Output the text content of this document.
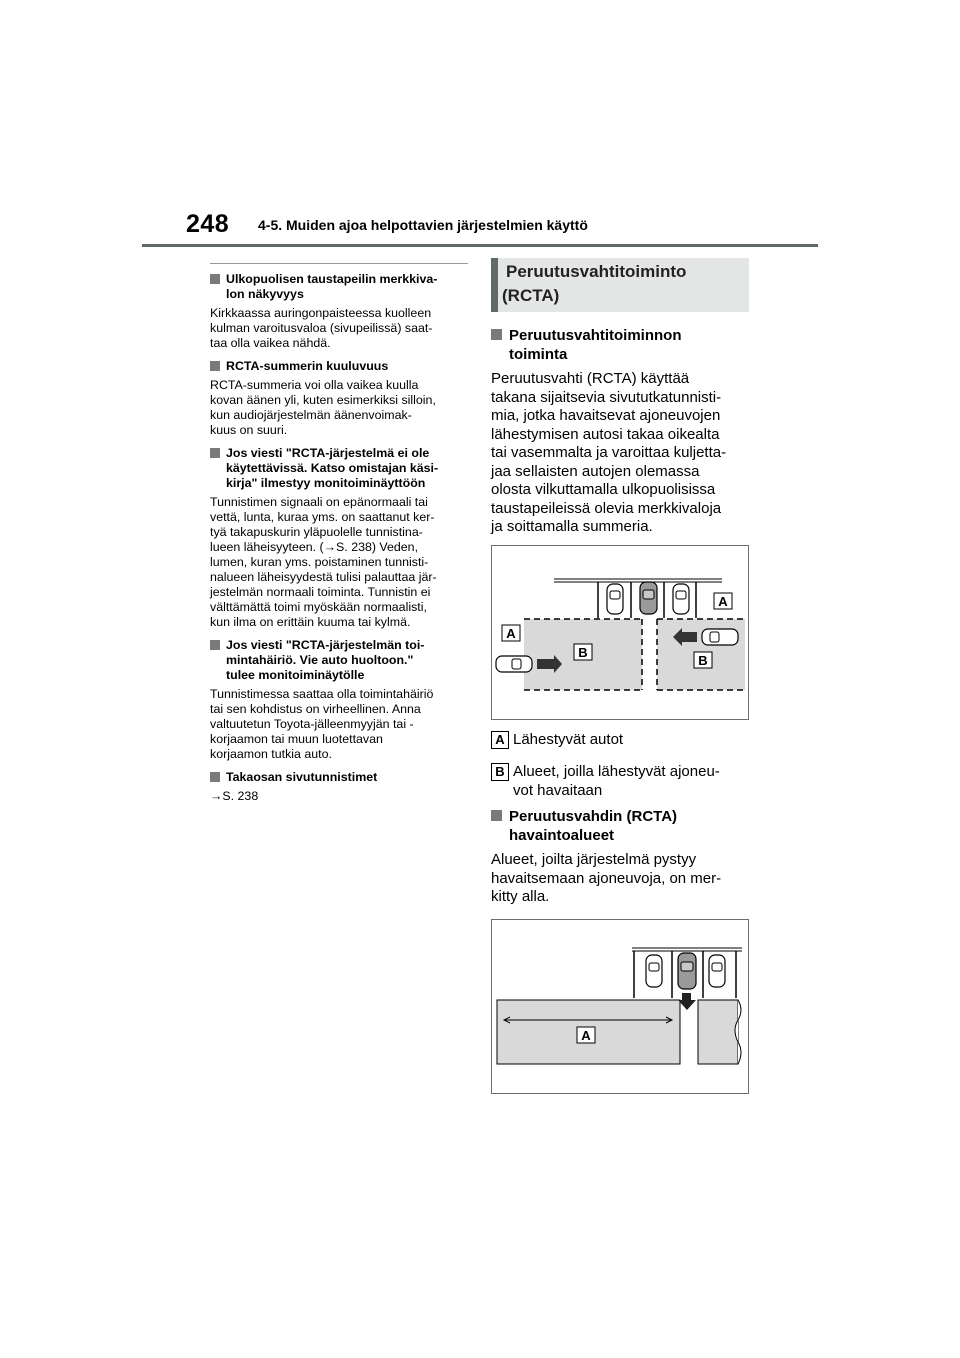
248 4-5. Muiden ajoa helpottavien järjestelmien käyttö
Ulkopuolisen taustapeilin merkkiva-
lon näkyvyys
Kirkkaassa auringonpaisteessa kuolleen
kulman varoitusvaloa (sivupeilissä) saat-
taa olla vaikea nähdä.
RCTA-summerin kuuluvuus
RCTA-summeria voi olla vaikea kuulla
kovan äänen yli, kuten esimerkiksi silloin,
kun audiojärjestelmän äänenvoimak-
kuus on suuri.
Jos viesti "RCTA-järjestelmä ei ole
käytettävissä. Katso omistajan käsi-
kirja" ilmestyy monitoiminäyttöön
Tunnistimen signaali on epänormaali tai
vettä, lunta, kuraa yms. on saattanut ker-
tyä takapuskurin yläpuolelle tunnistina-
lueen läheisyyteen. (→S. 238) Veden,
lumen, kuran yms. poistaminen tunnisti-
nalueen läheisyydestä tulisi palauttaa jär-
jestelmän normaali toiminta. Tunnistin ei
välttämättä toimi myöskään normaalisti,
kun ilma on erittäin kuuma tai kylmä.
Jos viesti "RCTA-järjestelmän toi-
mintahäiriö. Vie auto huoltoon."
tulee monitoiminäytölle
Tunnistimessa saattaa olla toimintahäiriö
tai sen kohdistus on virheellinen. Anna
valtuutetun Toyota-jälleenmyyjän tai -
korjaamon tai muun luotettavan
korjaamon tutkia auto.
Takaosan sivutunnistimet
→S. 238
Peruutusvahtitoiminto
(RCTA)
Peruutusvahtitoiminnon
toiminta
Peruutusvahti (RCTA) käyttää
takana sijaitsevia sivututkatunnisti-
mia, jotka havaitsevat ajoneuvojen
lähestymisen autosi takaa oikealta
tai vasemmalta ja varoittaa kuljetta-
jaa sellaisten autojen olemassa
olosta vilkuttamalla ulkopuolisissa
taustapeileissä olevia merkkivaloja
ja soittamalla summeria.
A
A
B
B
A Lähestyvät autot
B Alueet, joilla lähestyvät ajoneu-
vot havaitaan
Peruutusvahdin (RCTA)
havaintoalueet
Alueet, joilta järjestelmä pystyy
havaitsemaan ajoneuvoja, on mer-
kitty alla.
A
